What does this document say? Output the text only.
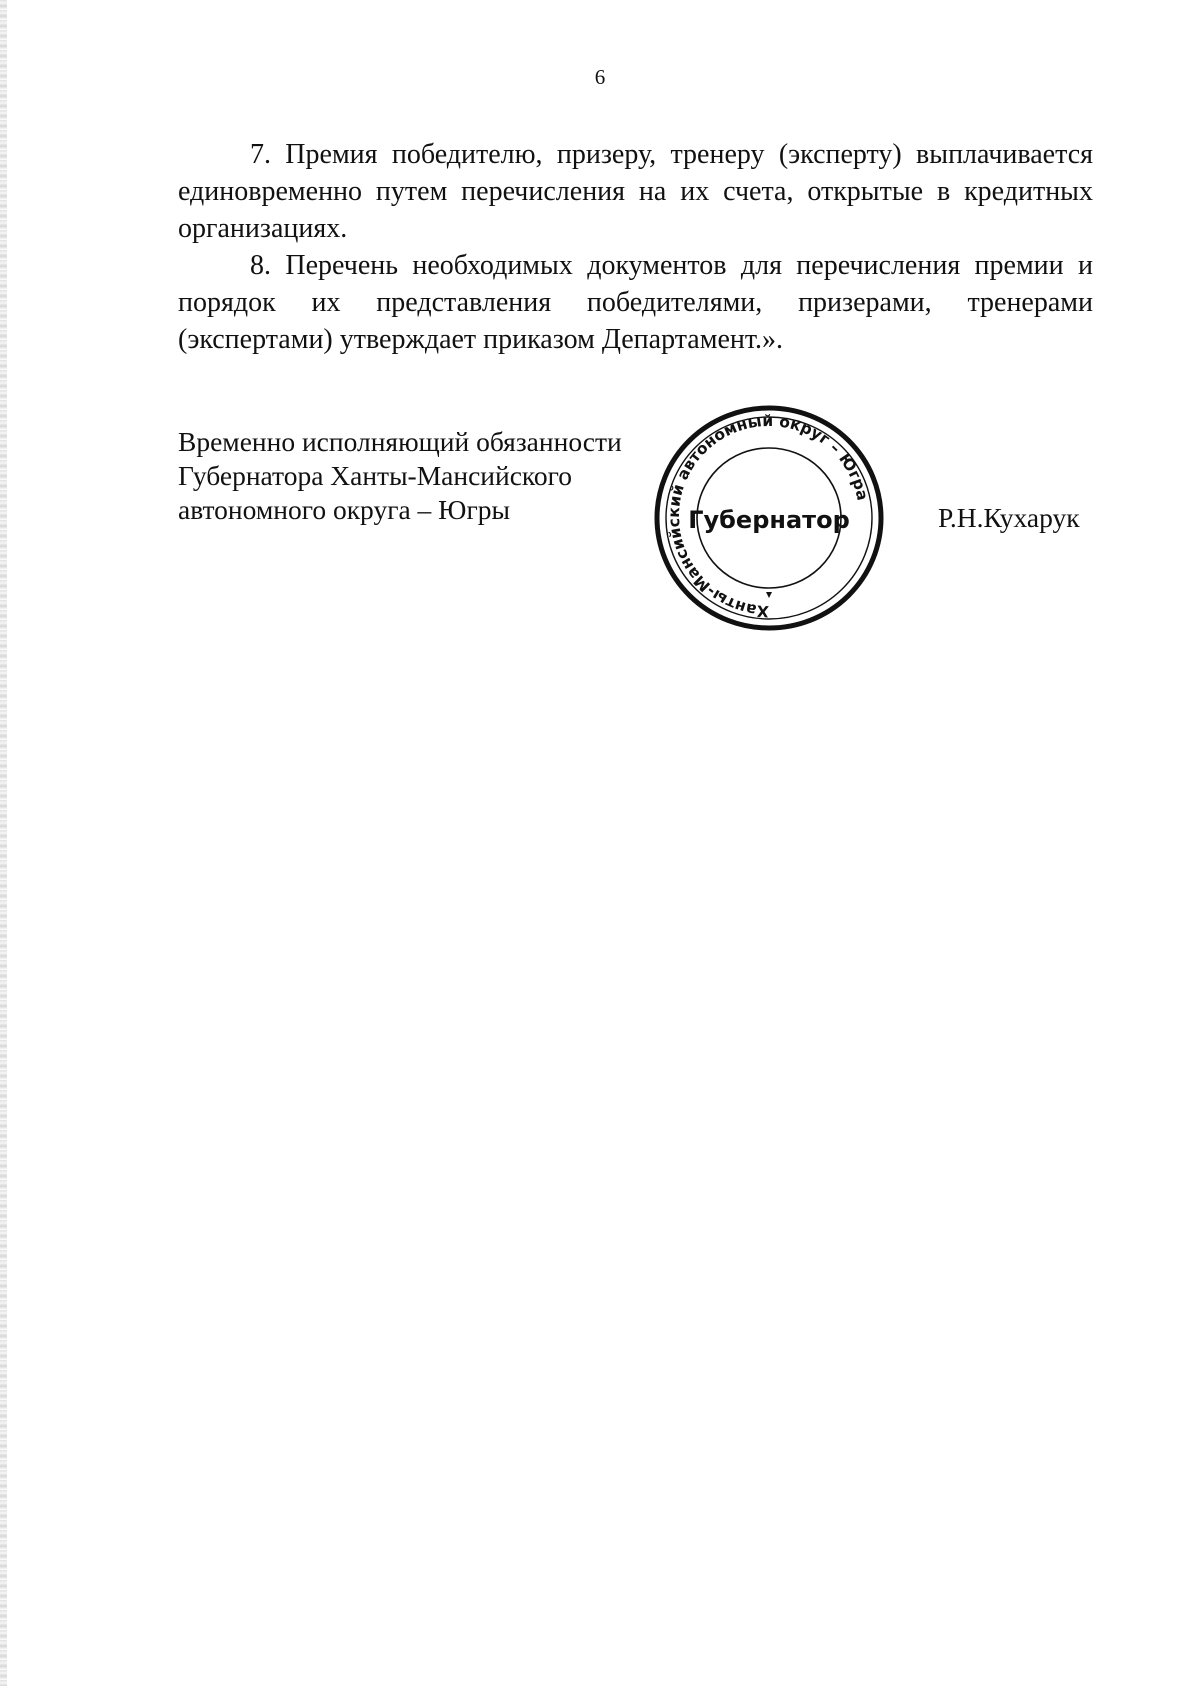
6

7. Премия победителю, призеру, тренеру (эксперту) выплачивается единовременно путем перечисления на их счета, открытые в кредитных организациях.

8. Перечень необходимых документов для перечисления премии и порядок их представления победителями, призерами, тренерами (экспертами) утверждает приказом Департамент.».

Временно исполняющий обязанности
Губернатора Ханты-Мансийского
автономного округа – Югры
Ханты-Мансийский автономный округ – Югра
Губернатор	Р.Н.Кухарук
